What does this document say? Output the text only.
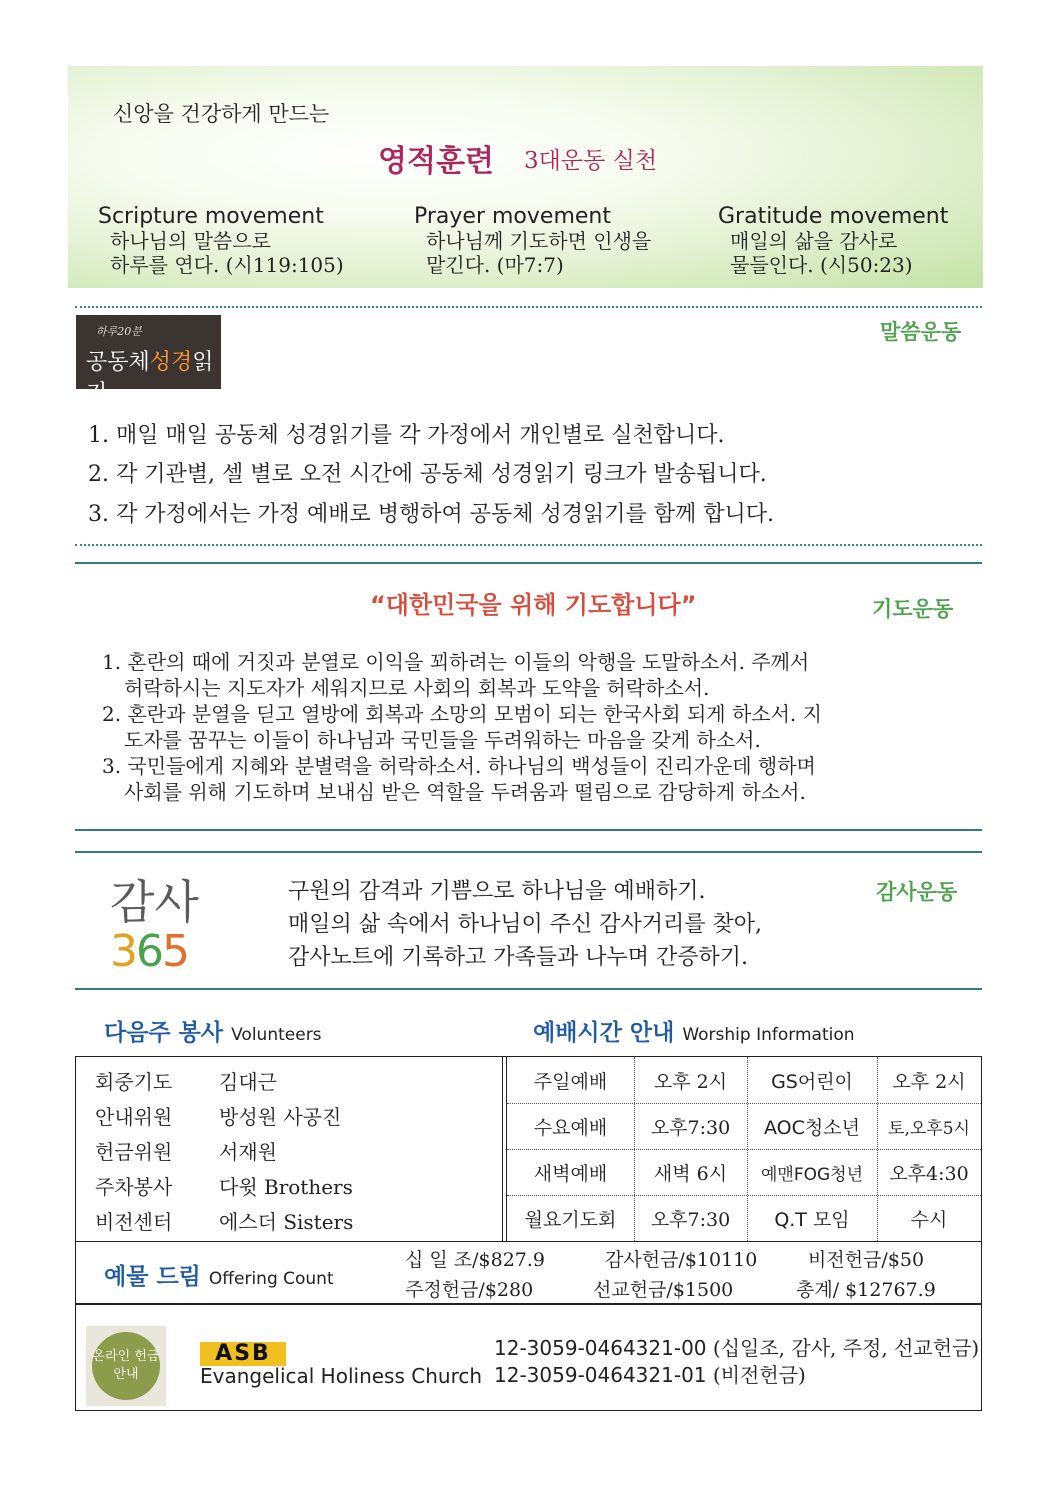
신앙을 건강하게 만드는
영적훈련 3대운동 실천
Scripture movement
하나님의 말씀으로
하루를 연다. (시119:105)
Prayer movement
하나님께 기도하면 인생을
맡긴다. (마7:7)
Gratitude movement
매일의 삶을 감사로
물들인다. (시50:23)
하루20분
공동체성경읽기
말씀운동
1. 매일 매일 공동체 성경읽기를 각 가정에서 개인별로 실천합니다.
2. 각 기관별, 셀 별로 오전 시간에 공동체 성경읽기 링크가 발송됩니다.
3. 각 가정에서는 가정 예배로 병행하여 공동체 성경읽기를 함께 합니다.
“대한민국을 위해 기도합니다”	기도운동
1. 혼란의 때에 거짓과 분열로 이익을 꾀하려는 이들의 악행을 도말하소서. 주께서
허락하시는 지도자가 세워지므로 사회의 회복과 도약을 허락하소서.
2. 혼란과 분열을 딛고 열방에 회복과 소망의 모범이 되는 한국사회 되게 하소서. 지
도자를 꿈꾸는 이들이 하나님과 국민들을 두려워하는 마음을 갖게 하소서.
3. 국민들에게 지혜와 분별력을 허락하소서. 하나님의 백성들이 진리가운데 행하며
사회를 위해 기도하며 보내심 받은 역할을 두려움과 떨림으로 감당하게 하소서.
감사
365
구원의 감격과 기쁨으로 하나님을 예배하기.
매일의 삶 속에서 하나님이 주신 감사거리를 찾아,
감사노트에 기록하고 가족들과 나누며 간증하기.
감사운동
다음주 봉사 Volunteers	예배시간 안내 Worship Information
회중기도 김대근
안내위원 방성원 사공진
헌금위원 서재원
주차봉사 다윗 Brothers
비전센터 에스더 Sisters
주일예배	오후 2시	GS어린이	오후 2시
수요예배	오후7:30	AOC청소년	토,오후5시
새벽예배	새벽 6시	예맨FOG청년	오후4:30
월요기도회	오후7:30	Q.T 모임	수시
예물 드림 Offering Count
십 일 조/$827.9	감사헌금/$10110	비전헌금/$50
주정헌금/$280	선교헌금/$1500	총계/ $12767.9
온라인 헌금 안내
ASB
Evangelical Holiness Church
12-3059-0464321-00 (십일조, 감사, 주정, 선교헌금)
12-3059-0464321-01 (비전헌금)
